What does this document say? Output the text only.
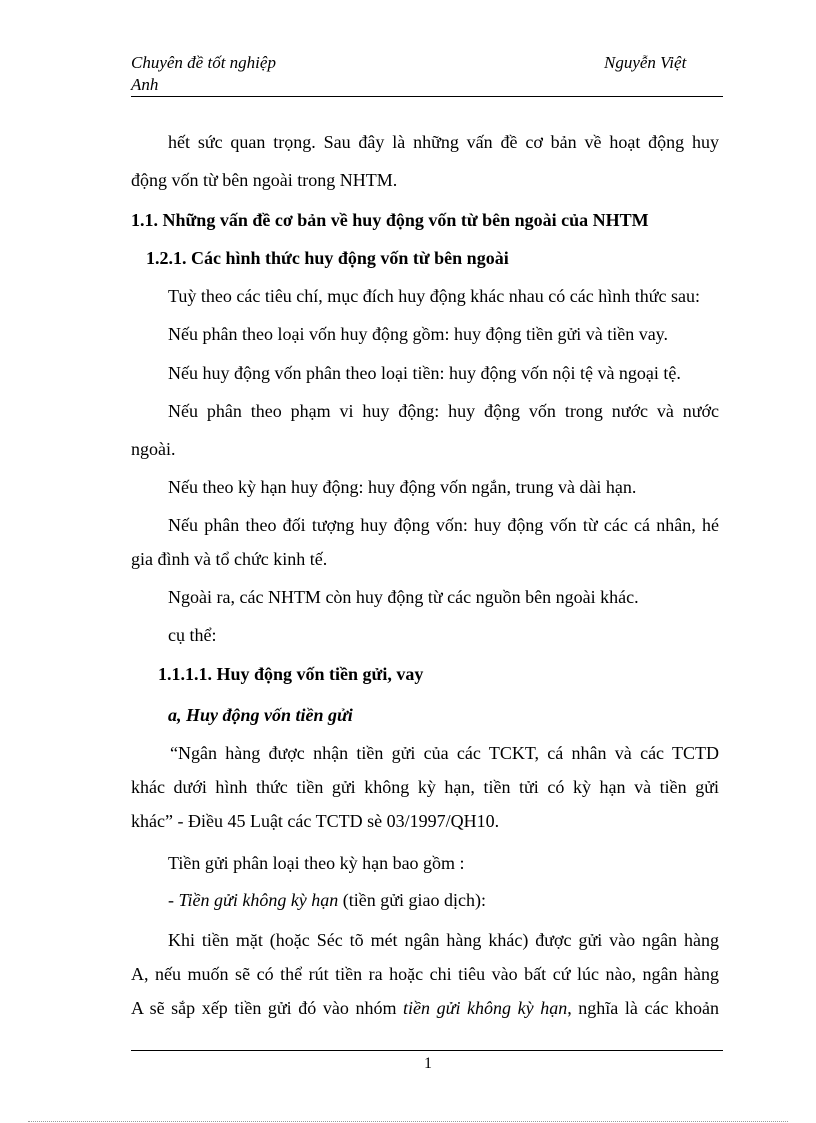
Chuyên đề tốt nghiệp	Nguyễn Việt
Anh
hết sức quan trọng. Sau đây là những vấn đề cơ bản về hoạt động huy
động vốn từ bên ngoài trong NHTM.
1.1. Những vấn đề cơ bản về huy động vốn từ bên ngoài của NHTM
1.2.1. Các hình thức huy động vốn từ bên ngoài
Tuỳ theo các tiêu chí, mục đích huy động khác nhau có các hình thức sau:
Nếu phân theo loại vốn huy động gồm: huy động tiền gửi và tiền vay.
Nếu huy động vốn phân theo loại tiền: huy động vốn nội tệ và ngoại tệ.
Nếu phân theo phạm vi huy động: huy động vốn trong nước và nước
ngoài.
Nếu theo kỳ hạn huy động: huy động vốn ngắn, trung và dài hạn.
Nếu phân theo đối tượng huy động vốn: huy động vốn từ các cá nhân, hé
gia đình và tổ chức kinh tế.
Ngoài ra, các NHTM còn huy động từ các nguồn bên ngoài khác.
cụ thể:
1.1.1.1. Huy động vốn tiền gửi, vay
a, Huy động vốn tiền gửi
“Ngân hàng được nhận tiền gửi của các TCKT, cá nhân và các TCTD
khác dưới hình thức tiền gửi không kỳ hạn, tiền tửi có kỳ hạn và tiền gửi
khác” - Điều 45 Luật các TCTD sè 03/1997/QH10.
Tiền gửi phân loại theo kỳ hạn bao gồm :
- Tiền gửi không kỳ hạn (tiền gửi giao dịch):
Khi tiền mặt (hoặc Séc tõ mét ngân hàng khác) được gửi vào ngân hàng
A, nếu muốn sẽ có thể rút tiền ra hoặc chi tiêu vào bất cứ lúc nào, ngân hàng
A sẽ sắp xếp tiền gửi đó vào nhóm tiền gửi không kỳ hạn, nghĩa là các khoản
1
